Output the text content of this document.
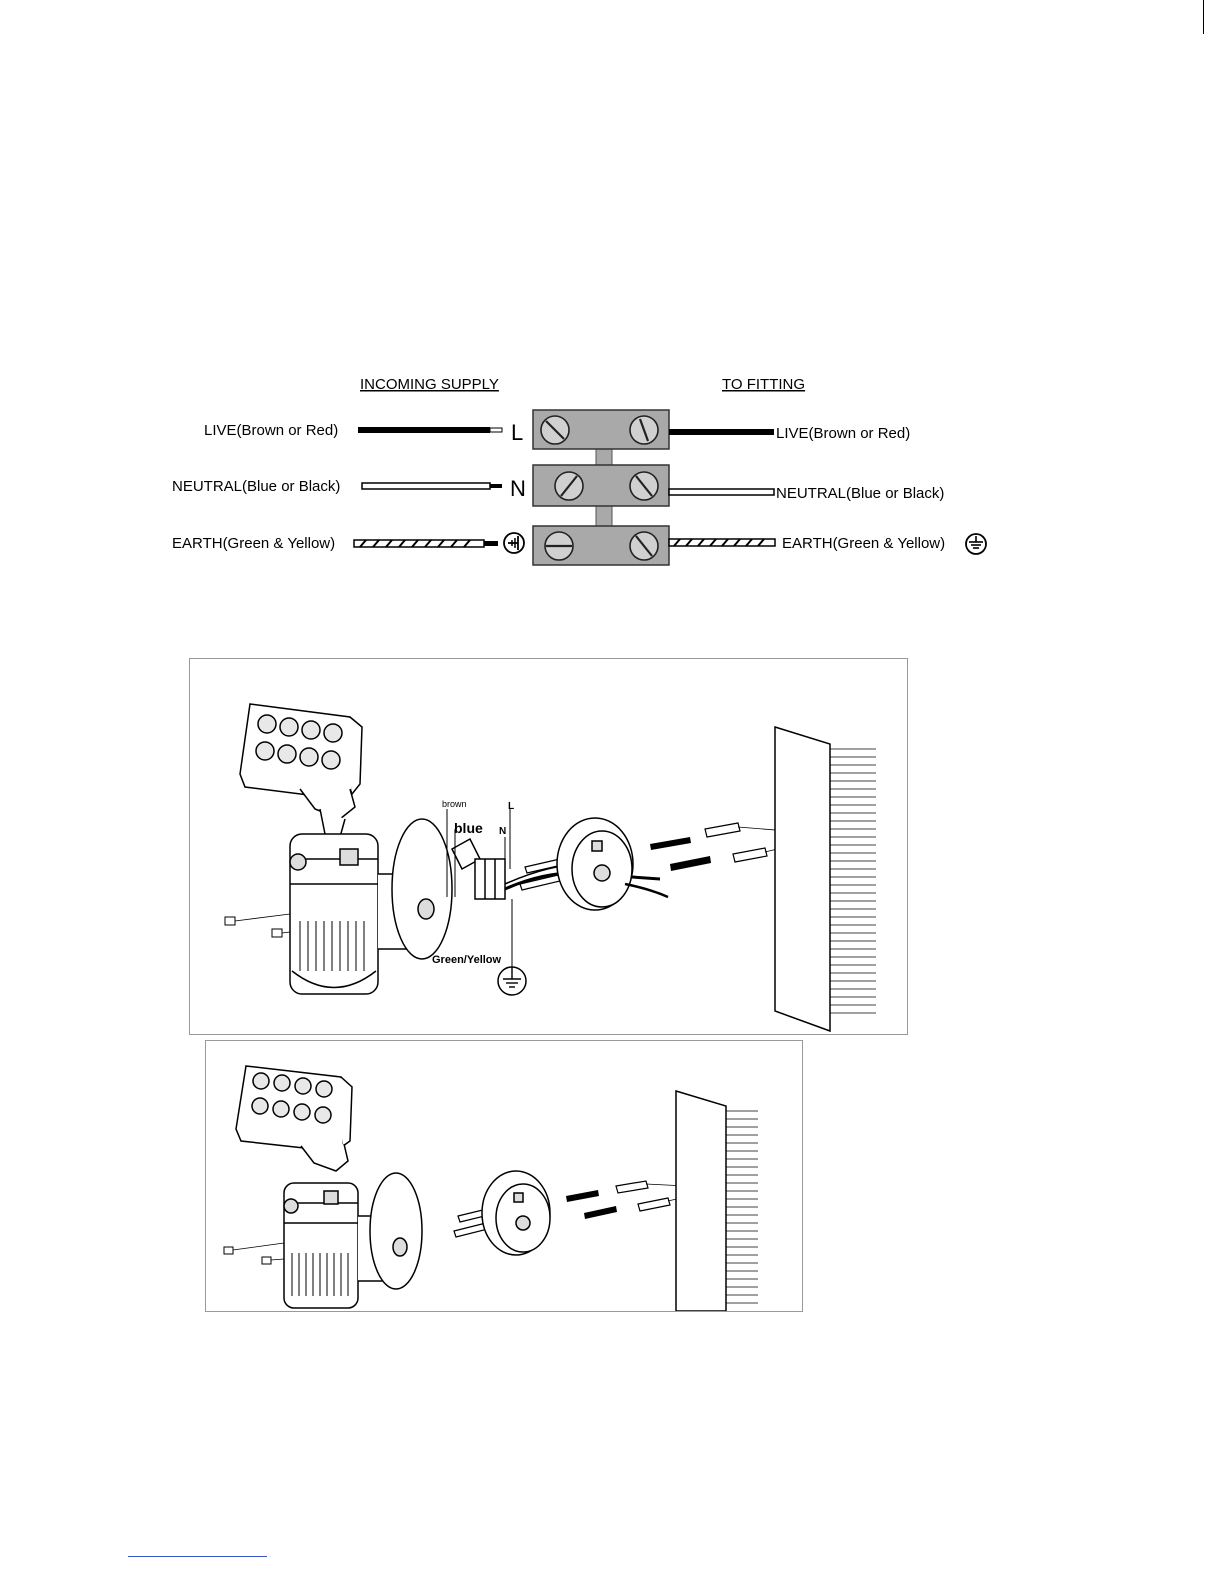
INCOMING SUPPLY	TO FITTING
LIVE(Brown or Red)
NEUTRAL(Blue or Black)
EARTH(Green & Yellow)
L
N
LIVE(Brown or Red)
NEUTRAL(Blue or Black)
EARTH(Green & Yellow)
brown
blue
L
N
Green/Yellow
